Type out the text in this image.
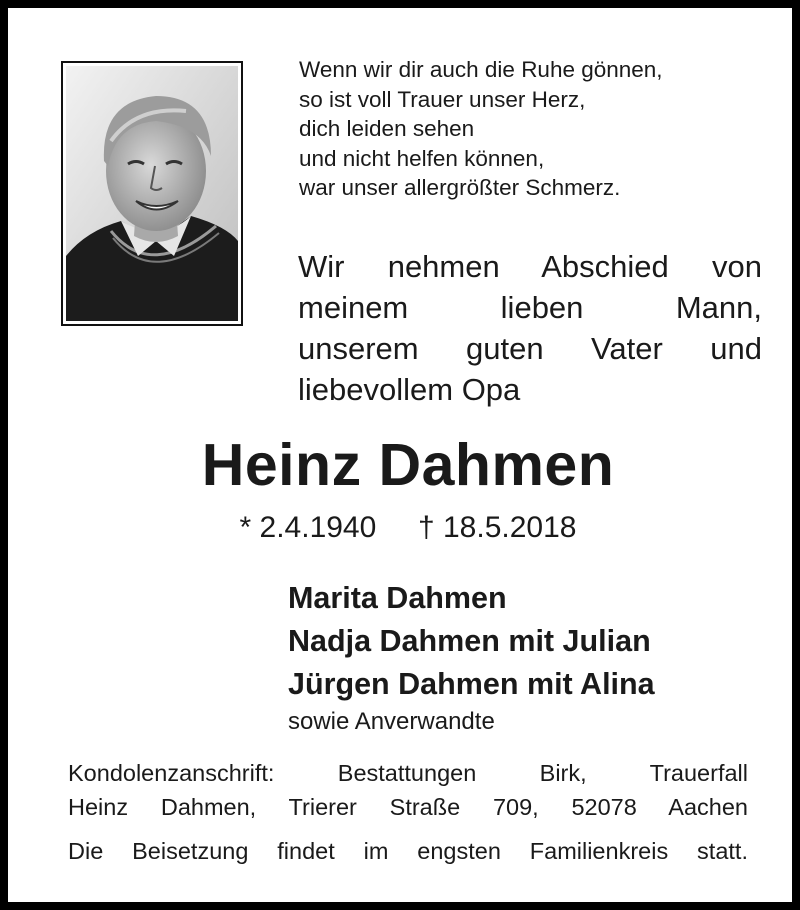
Wenn wir dir auch die Ruhe gönnen,
so ist voll Trauer unser Herz,
dich leiden sehen
und nicht helfen können,
war unser allergrößter Schmerz.
Wir nehmen Abschied von
meinem lieben Mann,
unserem guten Vater und
liebevollem Opa
Heinz Dahmen
* 2.4.1940     † 18.5.2018
Marita Dahmen
Nadja Dahmen mit Julian
Jürgen Dahmen mit Alina
sowie Anverwandte
Kondolenzanschrift: Bestattungen Birk, Trauerfall
Heinz Dahmen, Trierer Straße 709, 52078 Aachen
Die Beisetzung findet im engsten Familienkreis statt.
